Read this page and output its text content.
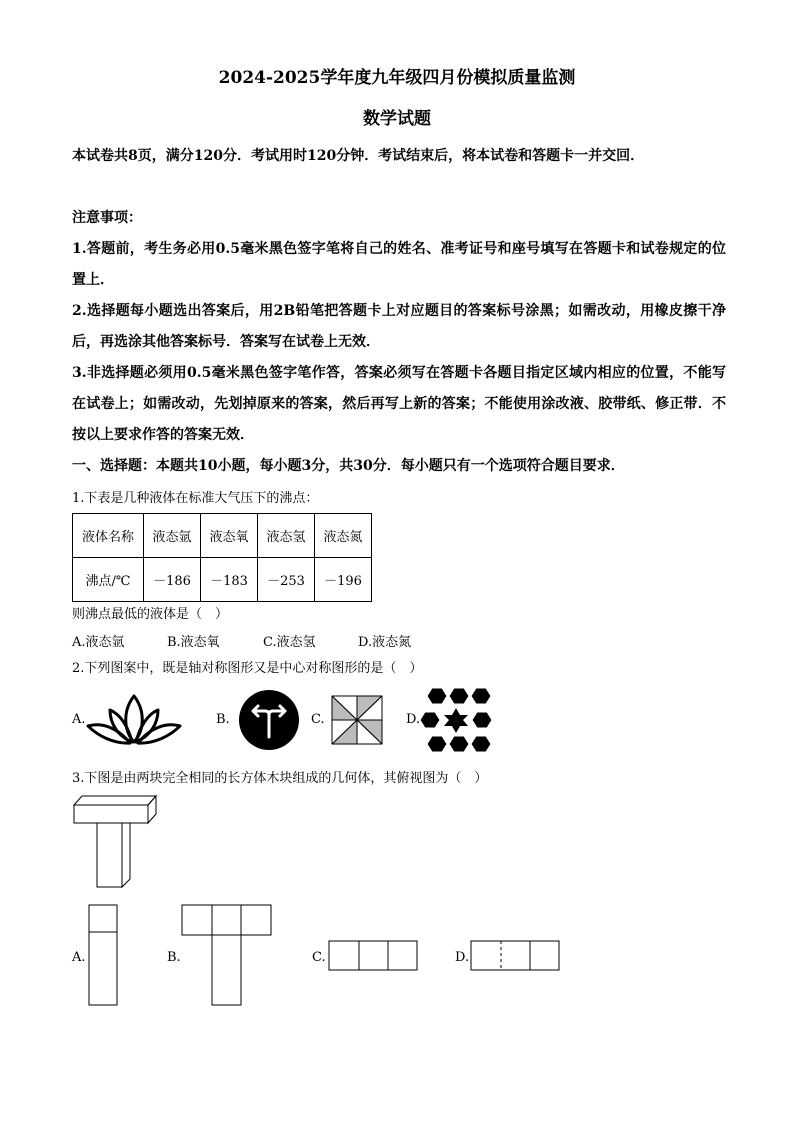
2024-2025学年度九年级四月份模拟质量监测
数学试题
本试卷共8页，满分120分．考试用时120分钟．考试结束后，将本试卷和答题卡一并交回．
注意事项：
1.答题前，考生务必用0.5毫米黑色签字笔将自己的姓名、准考证号和座号填写在答题卡和试卷规定的位置上．
2.选择题每小题选出答案后，用2B铅笔把答题卡上对应题目的答案标号涂黑；如需改动，用橡皮擦干净后，再选涂其他答案标号．答案写在试卷上无效．
3.非选择题必须用0.5毫米黑色签字笔作答，答案必须写在答题卡各题目指定区域内相应的位置，不能写在试卷上；如需改动，先划掉原来的答案，然后再写上新的答案；不能使用涂改液、胶带纸、修正带．不按以上要求作答的答案无效．
一、选择题：本题共10小题，每小题3分，共30分．每小题只有一个选项符合题目要求．
1.下表是几种液体在标准大气压下的沸点：
液体名称	液态氩	液态氧	液态氢	液态氮
沸点/℃	－186	－183	－253	－196
则沸点最低的液体是（　）
A.液态氩	B.液态氧	C.液态氢	D.液态氮
2.下列图案中，既是轴对称图形又是中心对称图形的是（　）
A.	B.	C.	D.
3.下图是由两块完全相同的长方体木块组成的几何体，其俯视图为（　）
A.	B.	C.	D.
